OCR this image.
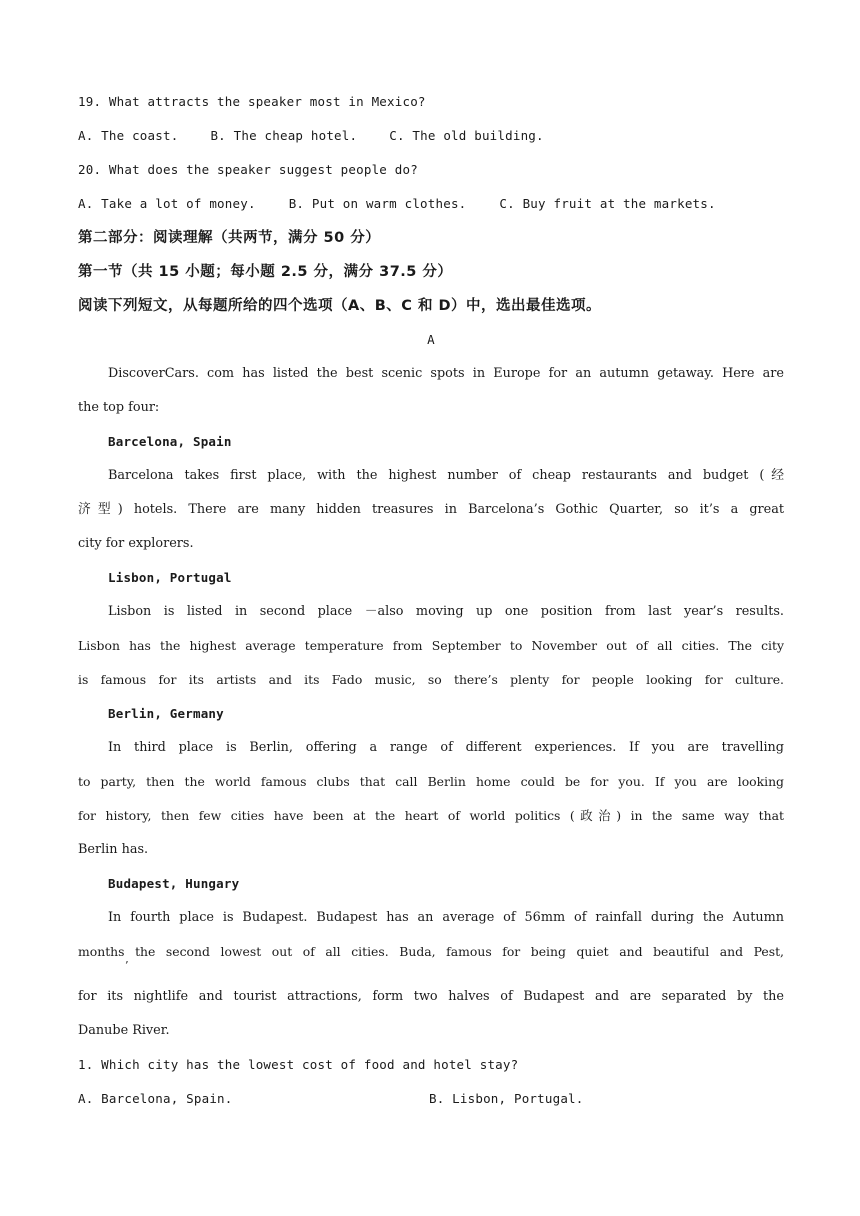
19. What attracts the speaker most in Mexico?
A. The coast.	B. The cheap hotel.	C. The old building.
20. What does the speaker suggest people do?
A. Take a lot of money.	B. Put on warm clothes.	C. Buy fruit at the markets.
第二部分：阅读理解（共两节，满分 50 分）
第一节（共 15 小题；每小题 2.5 分，满分 37.5 分）
阅读下列短文，从每题所给的四个选项（A、B、C 和 D）中，选出最佳选项。
A
DiscoverCars. com has listed the best scenic spots in Europe for an autumn getaway. Here are
the top four:
Barcelona, Spain
Barcelona takes first place, with the highest number of cheap restaurants and budget (经
济型) hotels. There are many hidden treasures in Barcelona’s Gothic Quarter, so it’s a great
city for explorers.
Lisbon, Portugal
Lisbon is listed in second place －also moving up one position from last year’s results.
Lisbon has the highest average temperature from September to November out of all cities. The city
is famous for its artists and its Fado music, so there’s plenty for people looking for culture.
Berlin, Germany
In third place is Berlin, offering a range of different experiences. If you are travelling
to party, then the world famous clubs that call Berlin home could be for you. If you are looking
for history, then few cities have been at the heart of world politics (政治) in the same way that
Berlin has.
Budapest, Hungary
In fourth place is Budapest. Budapest has an average of 56mm of rainfall during the Autumn
months the second lowest out of all cities. Buda, famous for being quiet and beautiful and Pest,
’
for its nightlife and tourist attractions, form two halves of Budapest and are separated by the
Danube River.
1. Which city has the lowest cost of food and hotel stay?
A. Barcelona, Spain.	B. Lisbon, Portugal.
